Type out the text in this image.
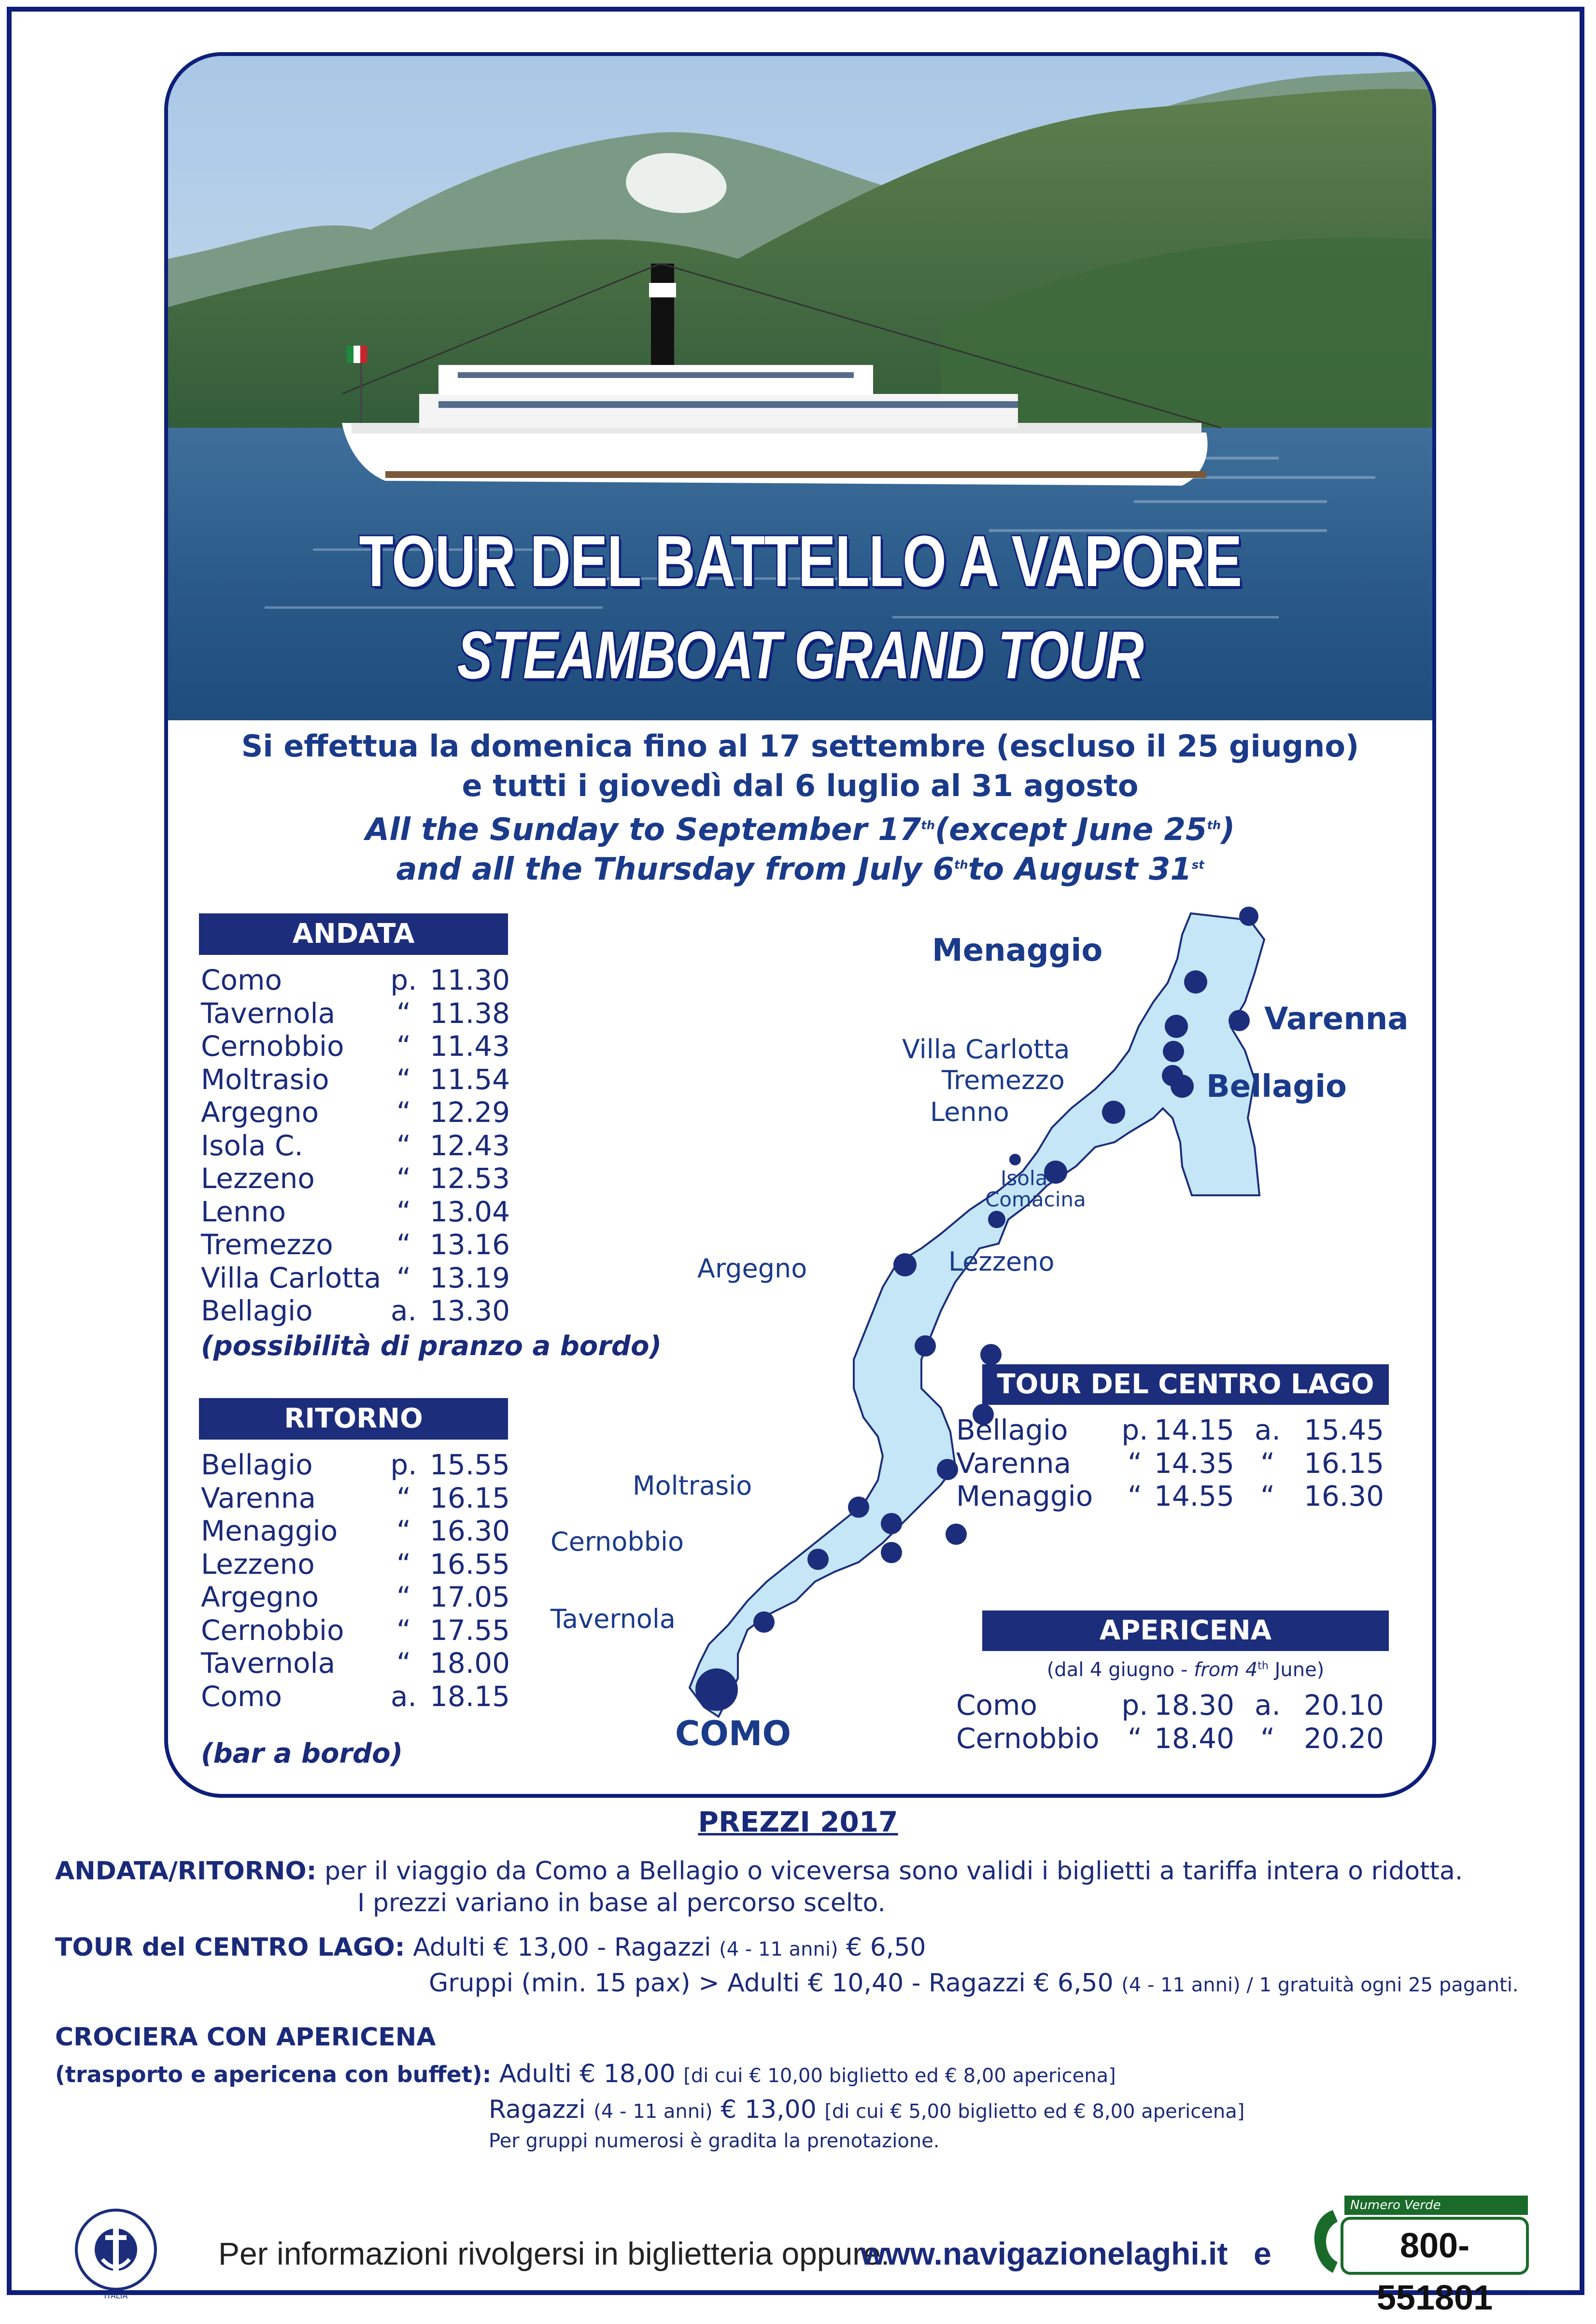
TOUR DEL BATTELLO A VAPORE
STEAMBOAT GRAND TOUR
Si effettua la domenica fino al 17 settembre (escluso il 25 giugno)
e tutti i giovedì dal 6 luglio al 31 agosto
All the Sunday to September 17th(except June 25th)
and all the Thursday from July 6thto August 31st
ANDATA
Como	p. 11.30
Tavernola	“ 11.38
Cernobbio	“ 11.43
Moltrasio	“ 11.54
Argegno	“ 12.29
Isola C.	“ 12.43
Lezzeno	“ 12.53
Lenno	“ 13.04
Tremezzo	“ 13.16
Villa Carlotta “ 13.19
Bellagio	a. 13.30
(possibilità di pranzo a bordo)
RITORNO
Bellagio	p. 15.55
Varenna	“ 16.15
Menaggio	“ 16.30
Lezzeno	“ 16.55
Argegno	“ 17.05
Cernobbio	“ 17.55
Tavernola	“ 18.00
Como	a. 18.15
(bar a bordo)
Menaggio
Varenna
Villa Carlotta
Tremezzo	Bellagio
Lenno
Isola
Comacina
Lezzeno
Argegno
Moltrasio
Cernobbio
Tavernola
COMO
TOUR DEL CENTRO LAGO
Bellagio	p. 14.15 a. 15.45
Varenna	“ 14.35 “	16.15
Menaggio	“ 14.55 “	16.30
APERICENA
(dal 4 giugno - from 4th June)
Como	p. 18.30 a. 20.10
Cernobbio	“ 18.40 “	20.20
PREZZI 2017
ANDATA/RITORNO: per il viaggio da Como a Bellagio o viceversa sono validi i biglietti a tariffa intera o ridotta.
I prezzi variano in base al percorso scelto.
TOUR del CENTRO LAGO: Adulti € 13,00 - Ragazzi (4 - 11 anni) € 6,50
Gruppi (min. 15 pax) > Adulti € 10,40 - Ragazzi € 6,50 (4 - 11 anni) / 1 gratuità ogni 25 paganti.
CROCIERA CON APERICENA
(trasporto e apericena con buffet): Adulti € 18,00 [di cui € 10,00 biglietto ed € 8,00 apericena]
Ragazzi (4 - 11 anni) € 13,00 [di cui € 5,00 biglietto ed € 8,00 apericena]
Per gruppi numerosi è gradita la prenotazione.
ITALIA
Per informazioni rivolgersi in biglietteria oppure:
www.navigazionelaghi.it e
Numero Verde
800-551801
